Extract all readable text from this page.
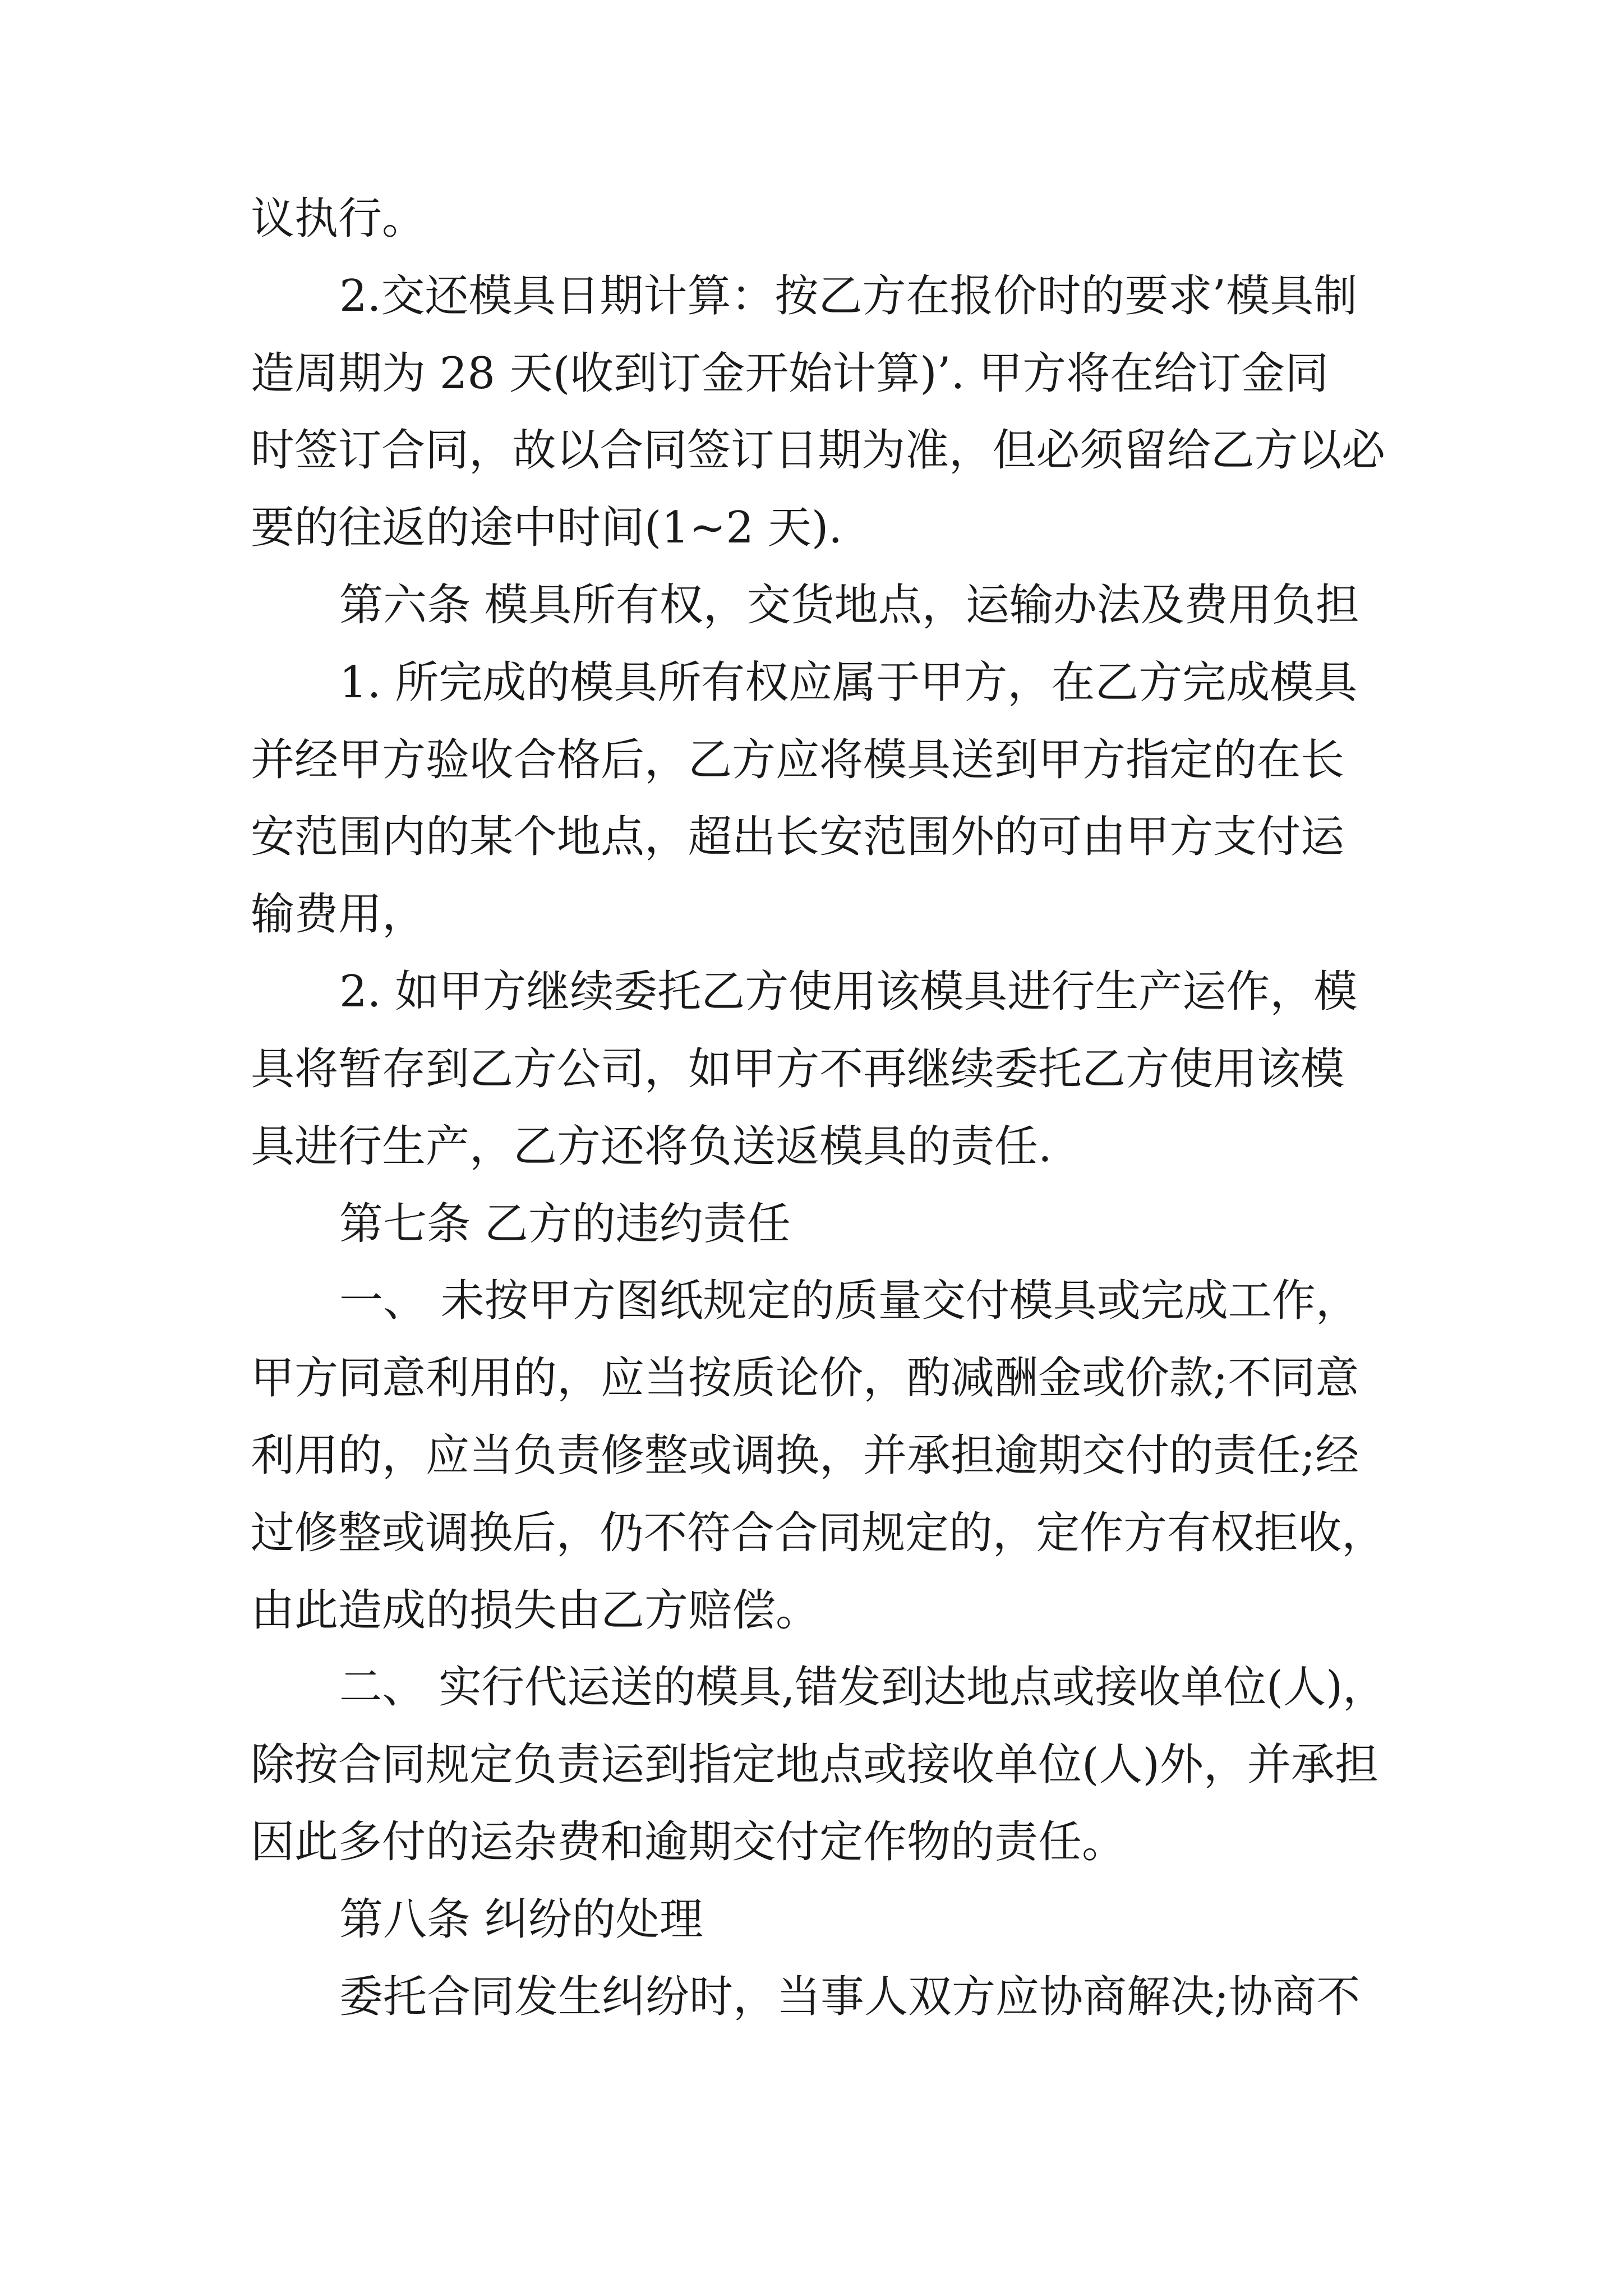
议执行。

2.交还模具日期计算：按乙方在报价时的要求’模具制

造周期为 28 天(收到订金开始计算)’. 甲方将在给订金同

时签订合同，故以合同签订日期为准，但必须留给乙方以必

要的往返的途中时间(1~2 天).

第六条 模具所有权，交货地点，运输办法及费用负担

1. 所完成的模具所有权应属于甲方，在乙方完成模具

并经甲方验收合格后，乙方应将模具送到甲方指定的在长

安范围内的某个地点，超出长安范围外的可由甲方支付运

输费用，

2. 如甲方继续委托乙方使用该模具进行生产运作，模

具将暂存到乙方公司，如甲方不再继续委托乙方使用该模

具进行生产，乙方还将负送返模具的责任.

第七条 乙方的违约责任

一、 未按甲方图纸规定的质量交付模具或完成工作，

甲方同意利用的，应当按质论价，酌减酬金或价款;不同意

利用的，应当负责修整或调换，并承担逾期交付的责任;经

过修整或调换后，仍不符合合同规定的，定作方有权拒收，

由此造成的损失由乙方赔偿。

二、 实行代运送的模具,错发到达地点或接收单位(人)，

除按合同规定负责运到指定地点或接收单位(人)外，并承担

因此多付的运杂费和逾期交付定作物的责任。

第八条 纠纷的处理

委托合同发生纠纷时，当事人双方应协商解决;协商不
